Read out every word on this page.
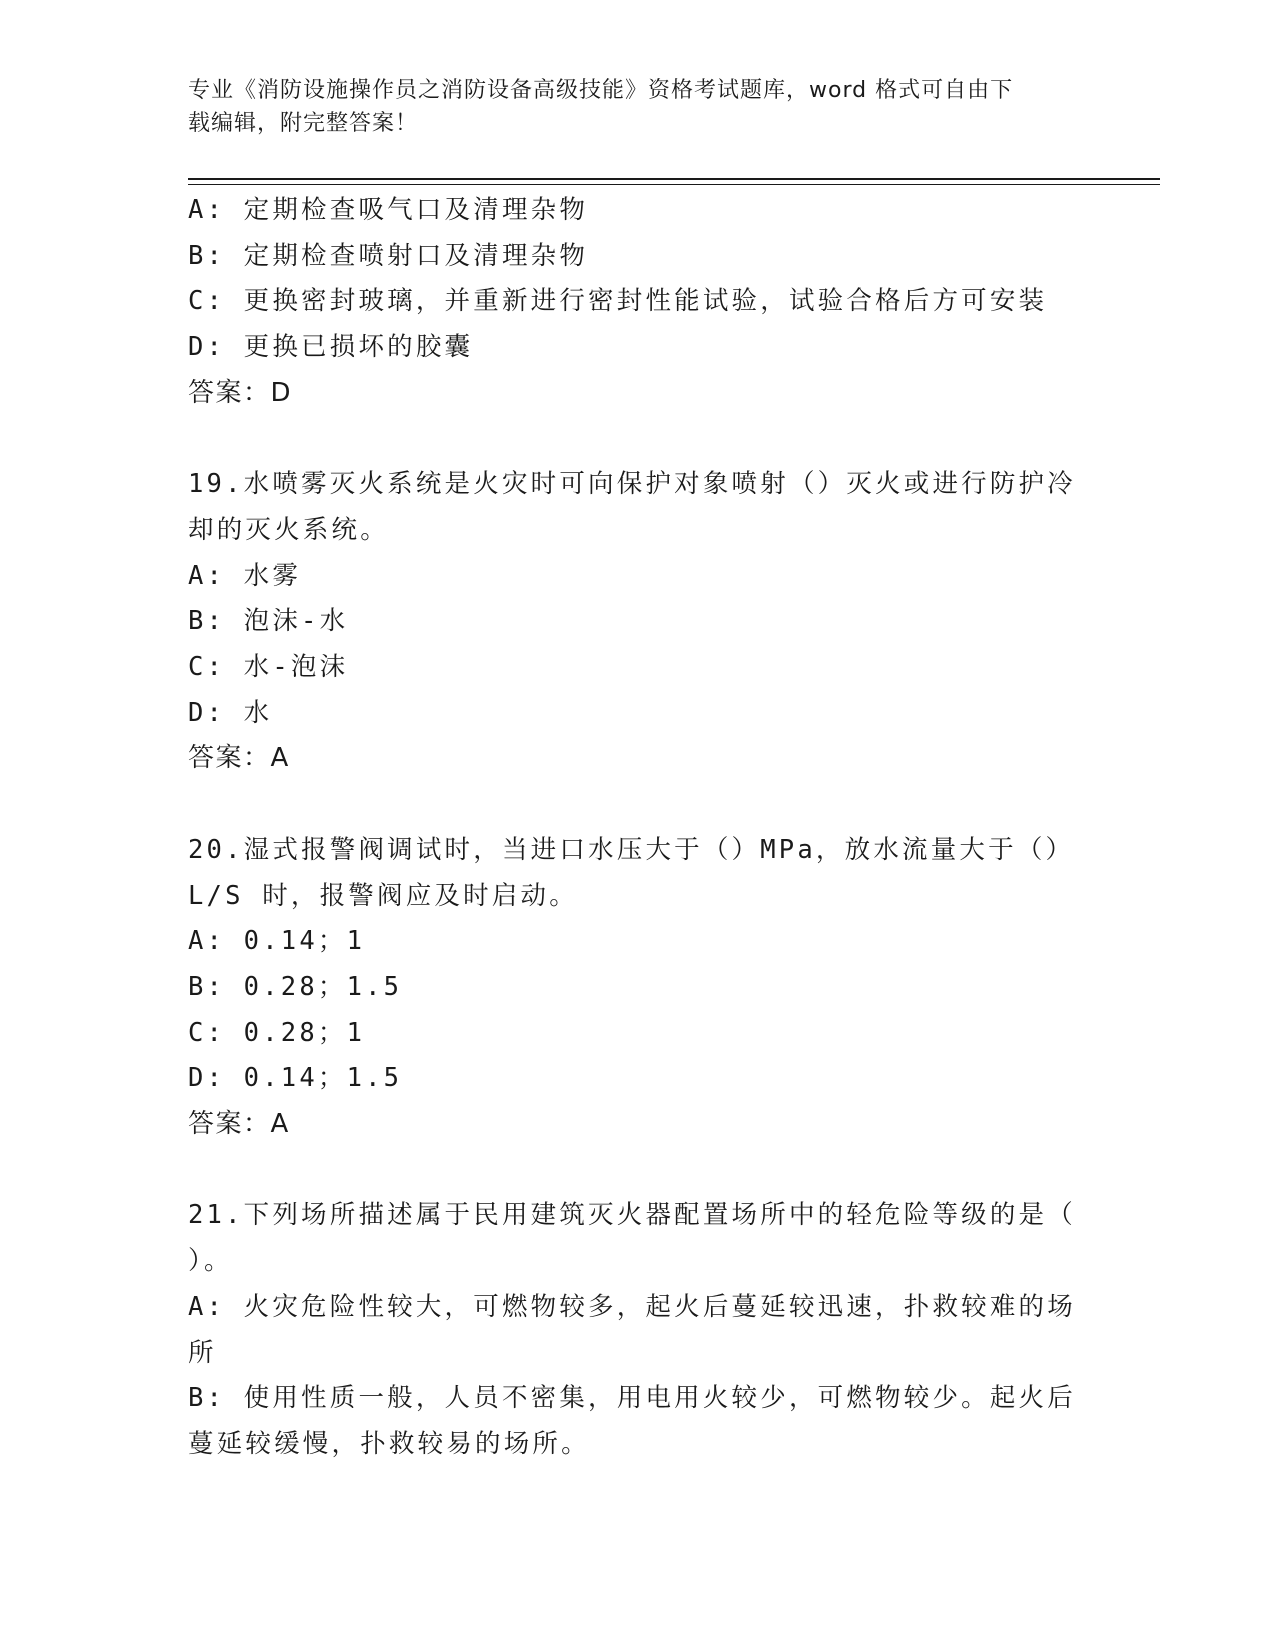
专业《消防设施操作员之消防设备高级技能》资格考试题库，word 格式可自由下
载编辑，附完整答案！
A: 定期检查吸气口及清理杂物
B: 定期检查喷射口及清理杂物
C: 更换密封玻璃，并重新进行密封性能试验，试验合格后方可安装
D: 更换已损坏的胶囊
答案：D
19.水喷雾灭火系统是火灾时可向保护对象喷射（）灭火或进行防护冷
却的灭火系统。
A: 水雾
B: 泡沫-水
C: 水-泡沫
D: 水
答案：A
20.湿式报警阀调试时，当进口水压大于（）MPa，放水流量大于（）
L/S 时，报警阀应及时启动。
A: 0.14；1
B: 0.28；1.5
C: 0.28；1
D: 0.14；1.5
答案：A
21.下列场所描述属于民用建筑灭火器配置场所中的轻危险等级的是（
）。
A: 火灾危险性较大，可燃物较多，起火后蔓延较迅速，扑救较难的场
所
B: 使用性质一般，人员不密集，用电用火较少，可燃物较少。起火后
蔓延较缓慢，扑救较易的场所。
